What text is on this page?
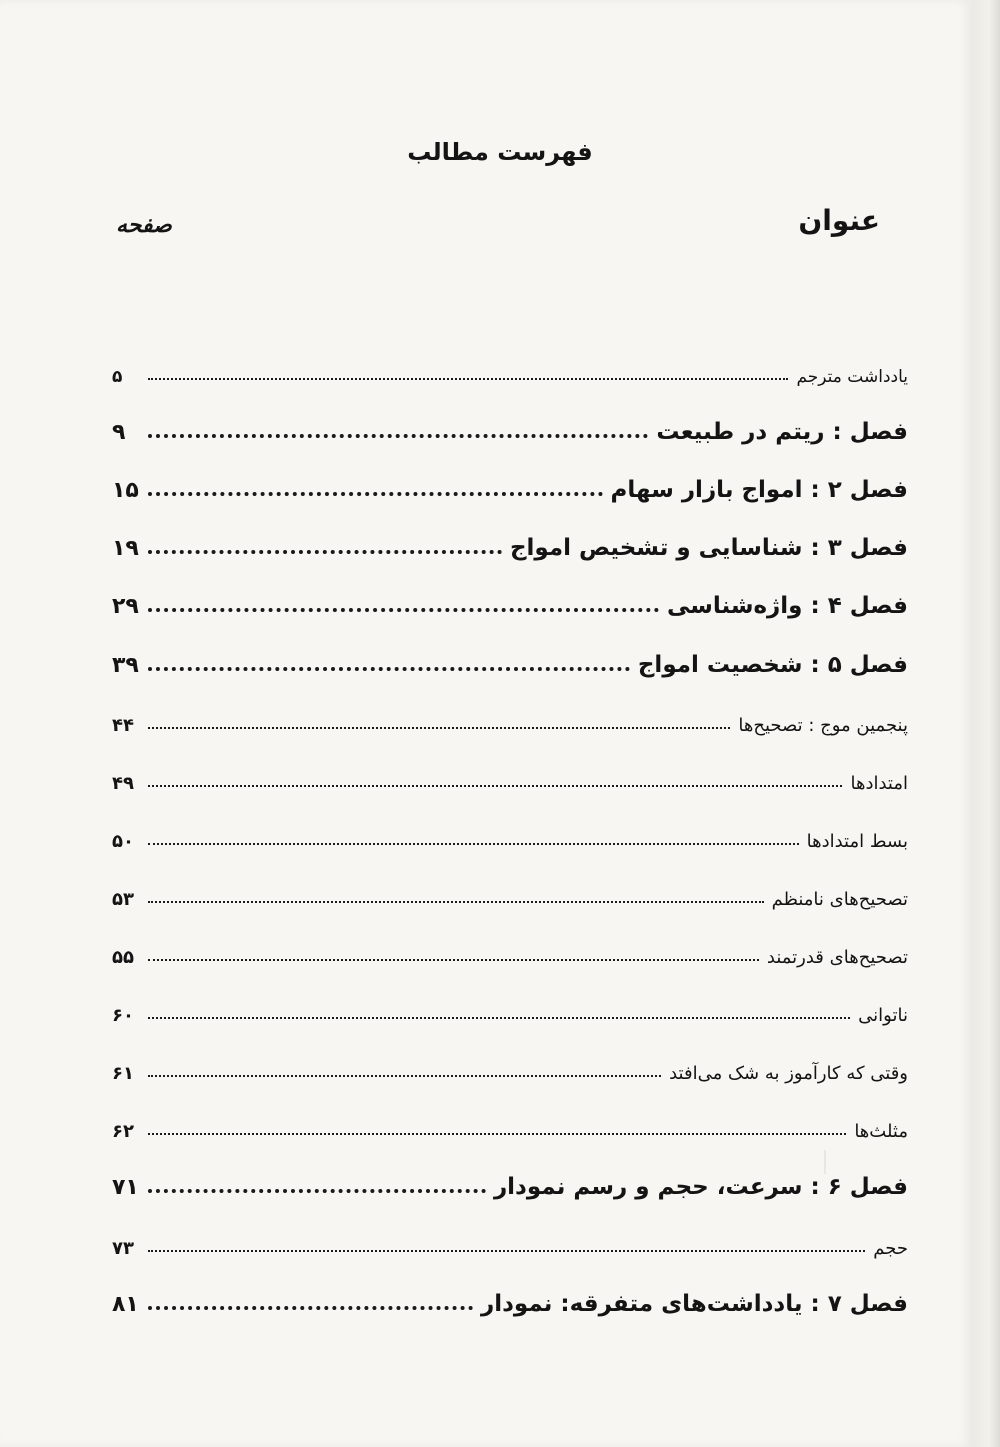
فهرست مطالب
عنوان
صفحه
یادداشت مترجم
۵
فصل : ریتم در طبیعت
۹
فصل ۲ : امواج بازار سهام
۱۵
فصل ۳ : شناسایی و تشخیص امواج
۱۹
فصل ۴ : واژه‌شناسی
۲۹
فصل ۵ : شخصیت امواج
۳۹
پنجمین موج : تصحیح‌ها
۴۴
امتدادها
۴۹
بسط امتدادها
۵۰
تصحیح‌های نامنظم
۵۳
تصحیح‌های قدرتمند
۵۵
ناتوانی
۶۰
وقتی که کارآموز به شک می‌افتد
۶۱
مثلث‌ها
۶۲
فصل ۶ : سرعت، حجم و رسم نمودار
۷۱
حجم
۷۳
فصل ۷ : یادداشت‌های متفرقه: نمودار
۸۱
